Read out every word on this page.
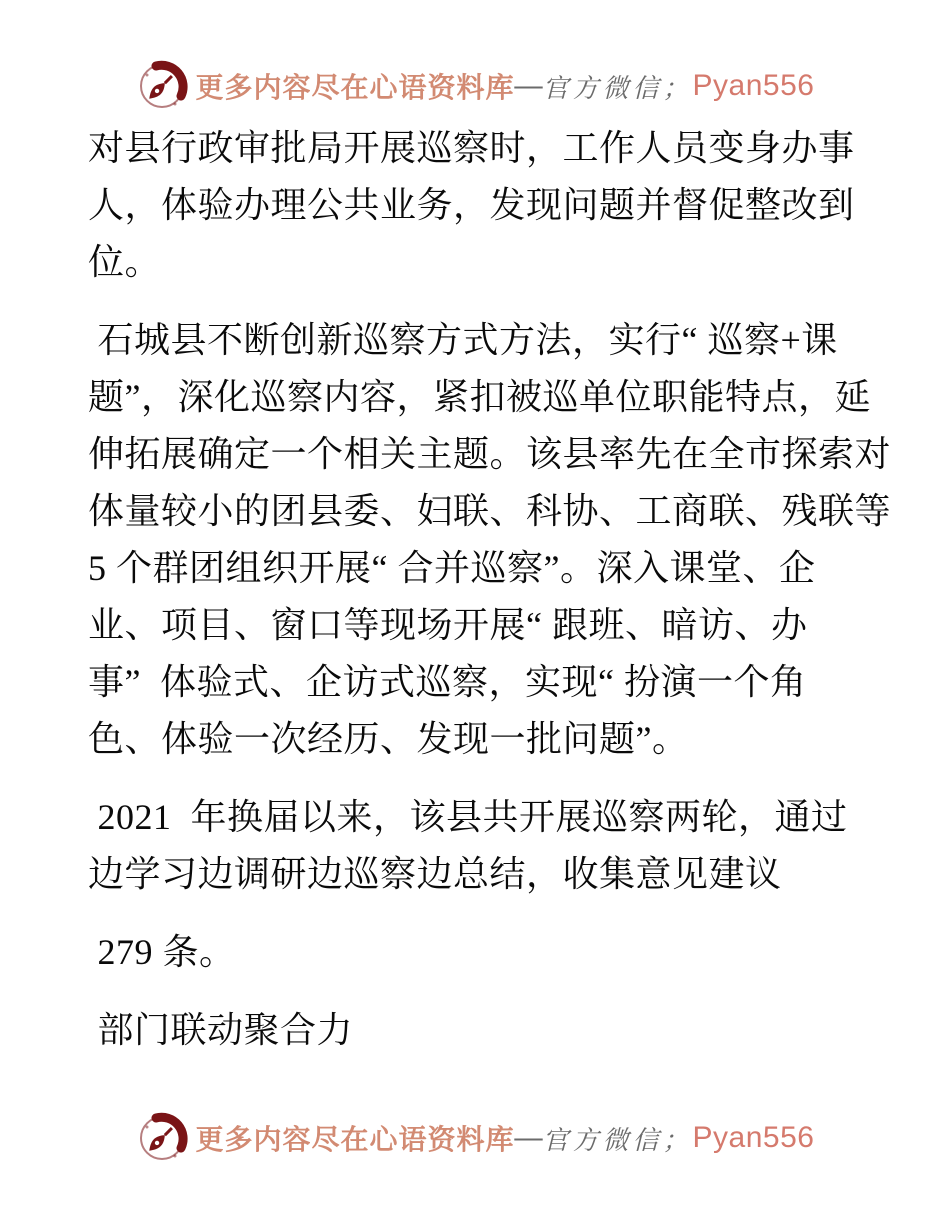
更多内容尽在心语资料库 — 官方微信； Pyan556
对县行政审批局开展巡察时，工作人员变身办事
人，体验办理公共业务，发现问题并督促整改到
位。
石城县不断创新巡察方式方法，实行“ 巡察+课
题”，深化巡察内容，紧扣被巡单位职能特点，延
伸拓展确定一个相关主题。该县率先在全市探索对
体量较小的团县委、妇联、科协、工商联、残联等
5 个群团组织开展“ 合并巡察”。深入课堂、企
业、项目、窗口等现场开展“ 跟班、暗访、办
事”  体验式、企访式巡察，实现“ 扮演一个角
色、体验一次经历、发现一批问题”。
2021  年换届以来，该县共开展巡察两轮，通过
边学习边调研边巡察边总结，收集意见建议
279 条。
部门联动聚合力
更多内容尽在心语资料库 — 官方微信； Pyan556
